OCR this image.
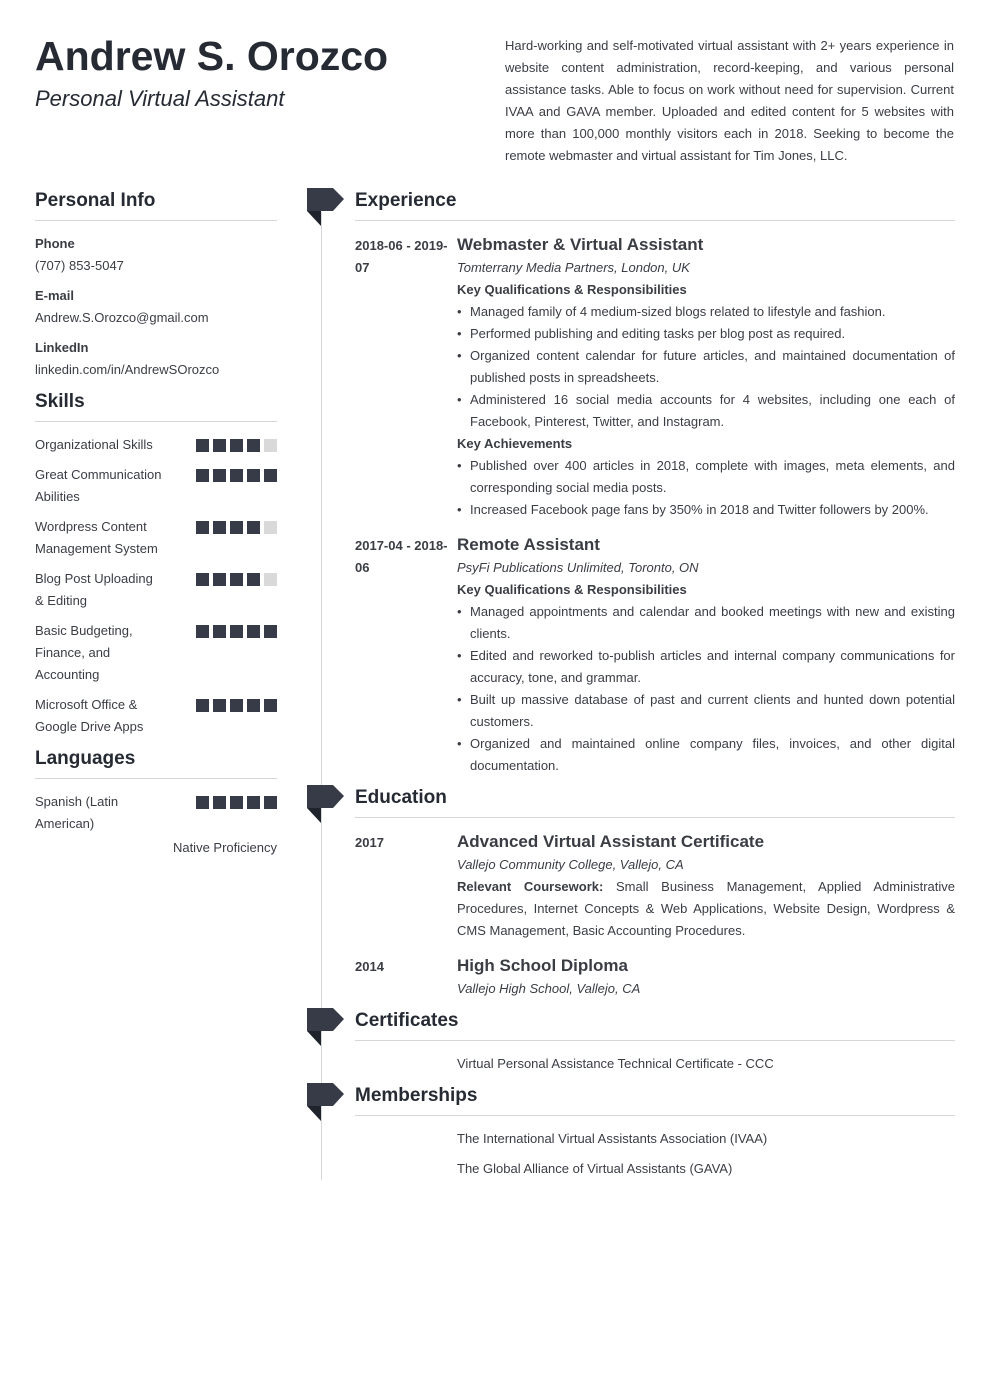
Andrew S. Orozco
Personal Virtual Assistant
Hard-working and self-motivated virtual assistant with 2+ years experience in website content administration, record-keeping, and various personal assistance tasks. Able to focus on work without need for supervision. Current IVAA and GAVA member. Uploaded and edited content for 5 websites with more than 100,000 monthly visitors each in 2018. Seeking to become the remote webmaster and virtual assistant for Tim Jones, LLC.
Personal Info
Phone
(707) 853-5047
E-mail
Andrew.S.Orozco@gmail.com
LinkedIn
linkedin.com/in/AndrewSOrozco
Skills
Organizational Skills
Great Communication Abilities
Wordpress Content Management System
Blog Post Uploading & Editing
Basic Budgeting, Finance, and Accounting
Microsoft Office & Google Drive Apps
Languages
Spanish (Latin American)
Native Proficiency
Experience
2018-06 - 2019-07
Webmaster & Virtual Assistant
Tomterrany Media Partners, London, UK
Key Qualifications & Responsibilities
• Managed family of 4 medium-sized blogs related to lifestyle and fashion.
• Performed publishing and editing tasks per blog post as required.
• Organized content calendar for future articles, and maintained documentation of published posts in spreadsheets.
• Administered 16 social media accounts for 4 websites, including one each of Facebook, Pinterest, Twitter, and Instagram.
Key Achievements
• Published over 400 articles in 2018, complete with images, meta elements, and corresponding social media posts.
• Increased Facebook page fans by 350% in 2018 and Twitter followers by 200%.
2017-04 - 2018-06
Remote Assistant
PsyFi Publications Unlimited, Toronto, ON
Key Qualifications & Responsibilities
• Managed appointments and calendar and booked meetings with new and existing clients.
• Edited and reworked to-publish articles and internal company communications for accuracy, tone, and grammar.
• Built up massive database of past and current clients and hunted down potential customers.
• Organized and maintained online company files, invoices, and other digital documentation.
Education
2017	Advanced Virtual Assistant Certificate
Vallejo Community College, Vallejo, CA
Relevant Coursework: Small Business Management, Applied Administrative Procedures, Internet Concepts & Web Applications, Website Design, Wordpress & CMS Management, Basic Accounting Procedures.
2014	High School Diploma
Vallejo High School, Vallejo, CA
Certificates
Virtual Personal Assistance Technical Certificate - CCC
Memberships
The International Virtual Assistants Association (IVAA)
The Global Alliance of Virtual Assistants (GAVA)
